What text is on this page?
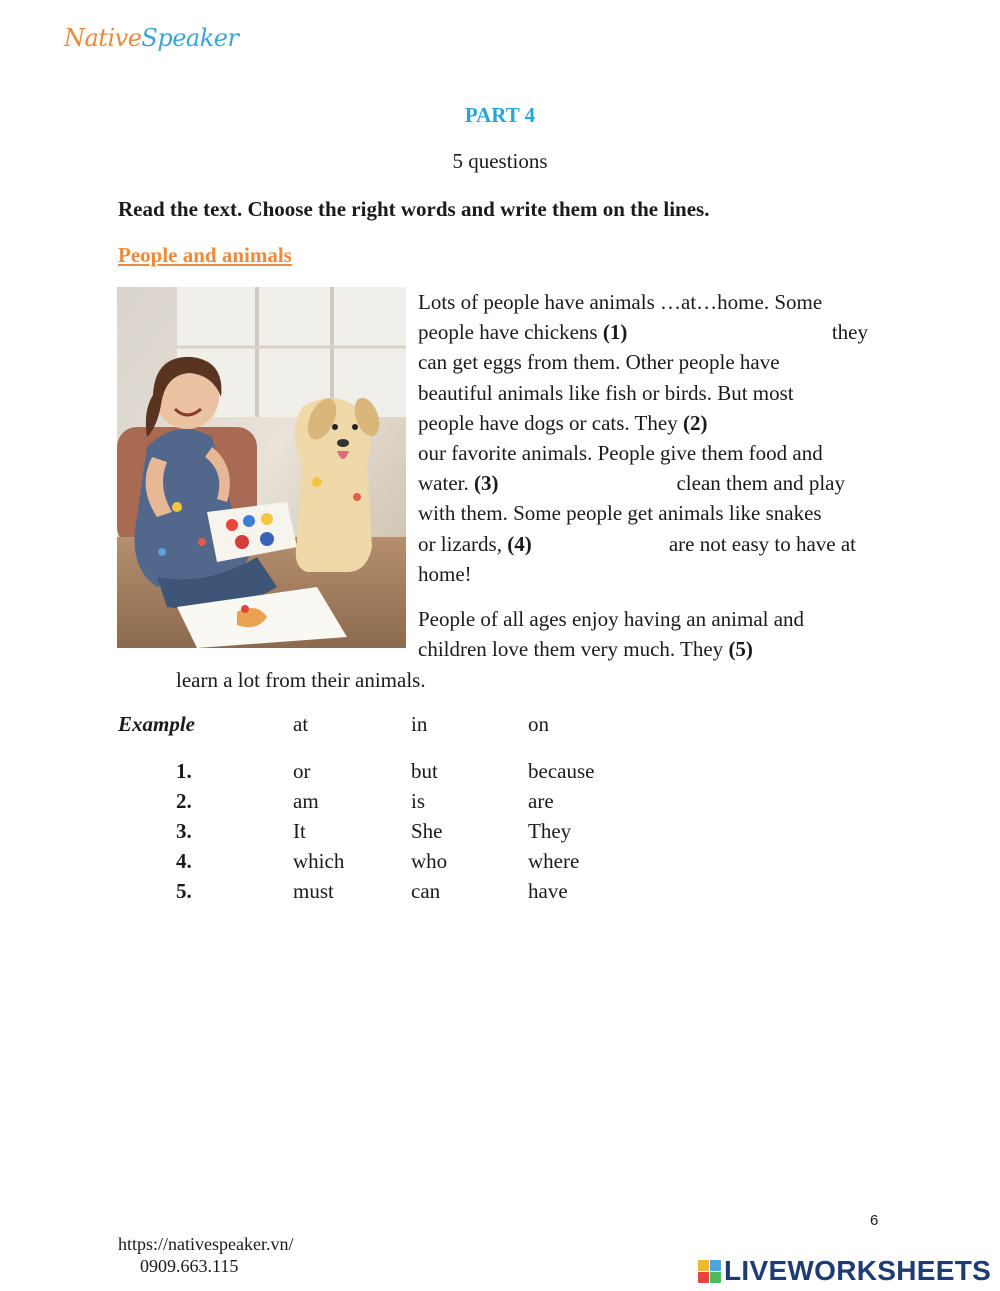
NativeSpeaker
PART 4
5 questions
Read the text. Choose the right words and write them on the lines.
People and animals
Lots of people have animals …at…home. Some
people have chickens (1)	they
can get eggs from them. Other people have
beautiful animals like fish or birds. But most
people have dogs or cats. They (2)
our favorite animals. People give them food and
water. (3)	clean them and play
with them. Some people get animals like snakes
or lizards, (4)	are not easy to have at
home!
People of all ages enjoy having an animal and
children love them very much. They (5)
learn a lot from their animals.
Example	at	in	on
1.	or	but	because
2.	am	is	are
3.	It	She	They
4.	which	who	where
5.	must	can	have
6
https://nativespeaker.vn/
0909.663.115	LIVEWORKSHEETS
